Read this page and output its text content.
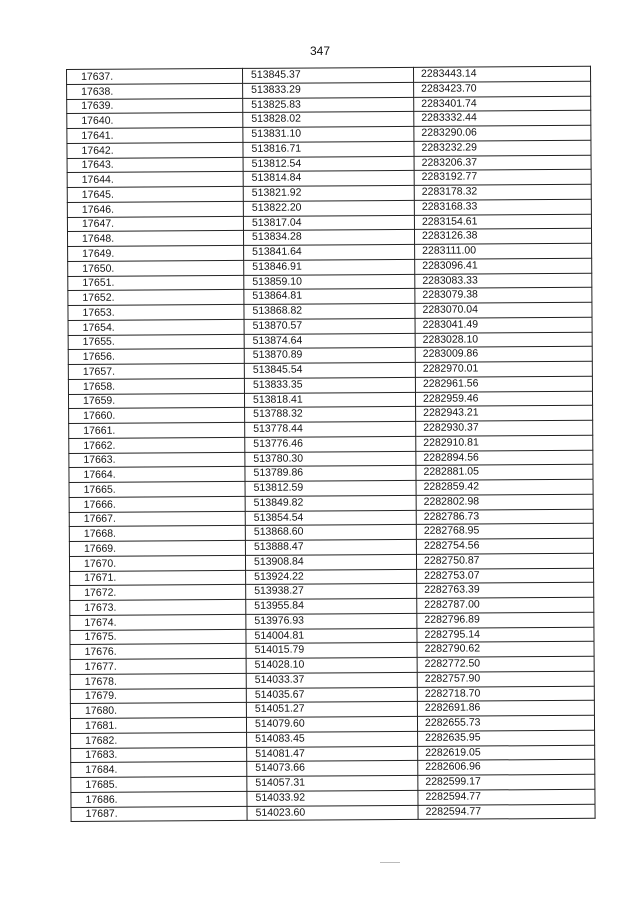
347
17637.	513845.37	2283443.14
17638.	513833.29	2283423.70
17639.	513825.83	2283401.74
17640.	513828.02	2283332.44
17641.	513831.10	2283290.06
17642.	513816.71	2283232.29
17643.	513812.54	2283206.37
17644.	513814.84	2283192.77
17645.	513821.92	2283178.32
17646.	513822.20	2283168.33
17647.	513817.04	2283154.61
17648.	513834.28	2283126.38
17649.	513841.64	2283111.00
17650.	513846.91	2283096.41
17651.	513859.10	2283083.33
17652.	513864.81	2283079.38
17653.	513868.82	2283070.04
17654.	513870.57	2283041.49
17655.	513874.64	2283028.10
17656.	513870.89	2283009.86
17657.	513845.54	2282970.01
17658.	513833.35	2282961.56
17659.	513818.41	2282959.46
17660.	513788.32	2282943.21
17661.	513778.44	2282930.37
17662.	513776.46	2282910.81
17663.	513780.30	2282894.56
17664.	513789.86	2282881.05
17665.	513812.59	2282859.42
17666.	513849.82	2282802.98
17667.	513854.54	2282786.73
17668.	513868.60	2282768.95
17669.	513888.47	2282754.56
17670.	513908.84	2282750.87
17671.	513924.22	2282753.07
17672.	513938.27	2282763.39
17673.	513955.84	2282787.00
17674.	513976.93	2282796.89
17675.	514004.81	2282795.14
17676.	514015.79	2282790.62
17677.	514028.10	2282772.50
17678.	514033.37	2282757.90
17679.	514035.67	2282718.70
17680.	514051.27	2282691.86
17681.	514079.60	2282655.73
17682.	514083.45	2282635.95
17683.	514081.47	2282619.05
17684.	514073.66	2282606.96
17685.	514057.31	2282599.17
17686.	514033.92	2282594.77
17687.	514023.60	2282594.77
